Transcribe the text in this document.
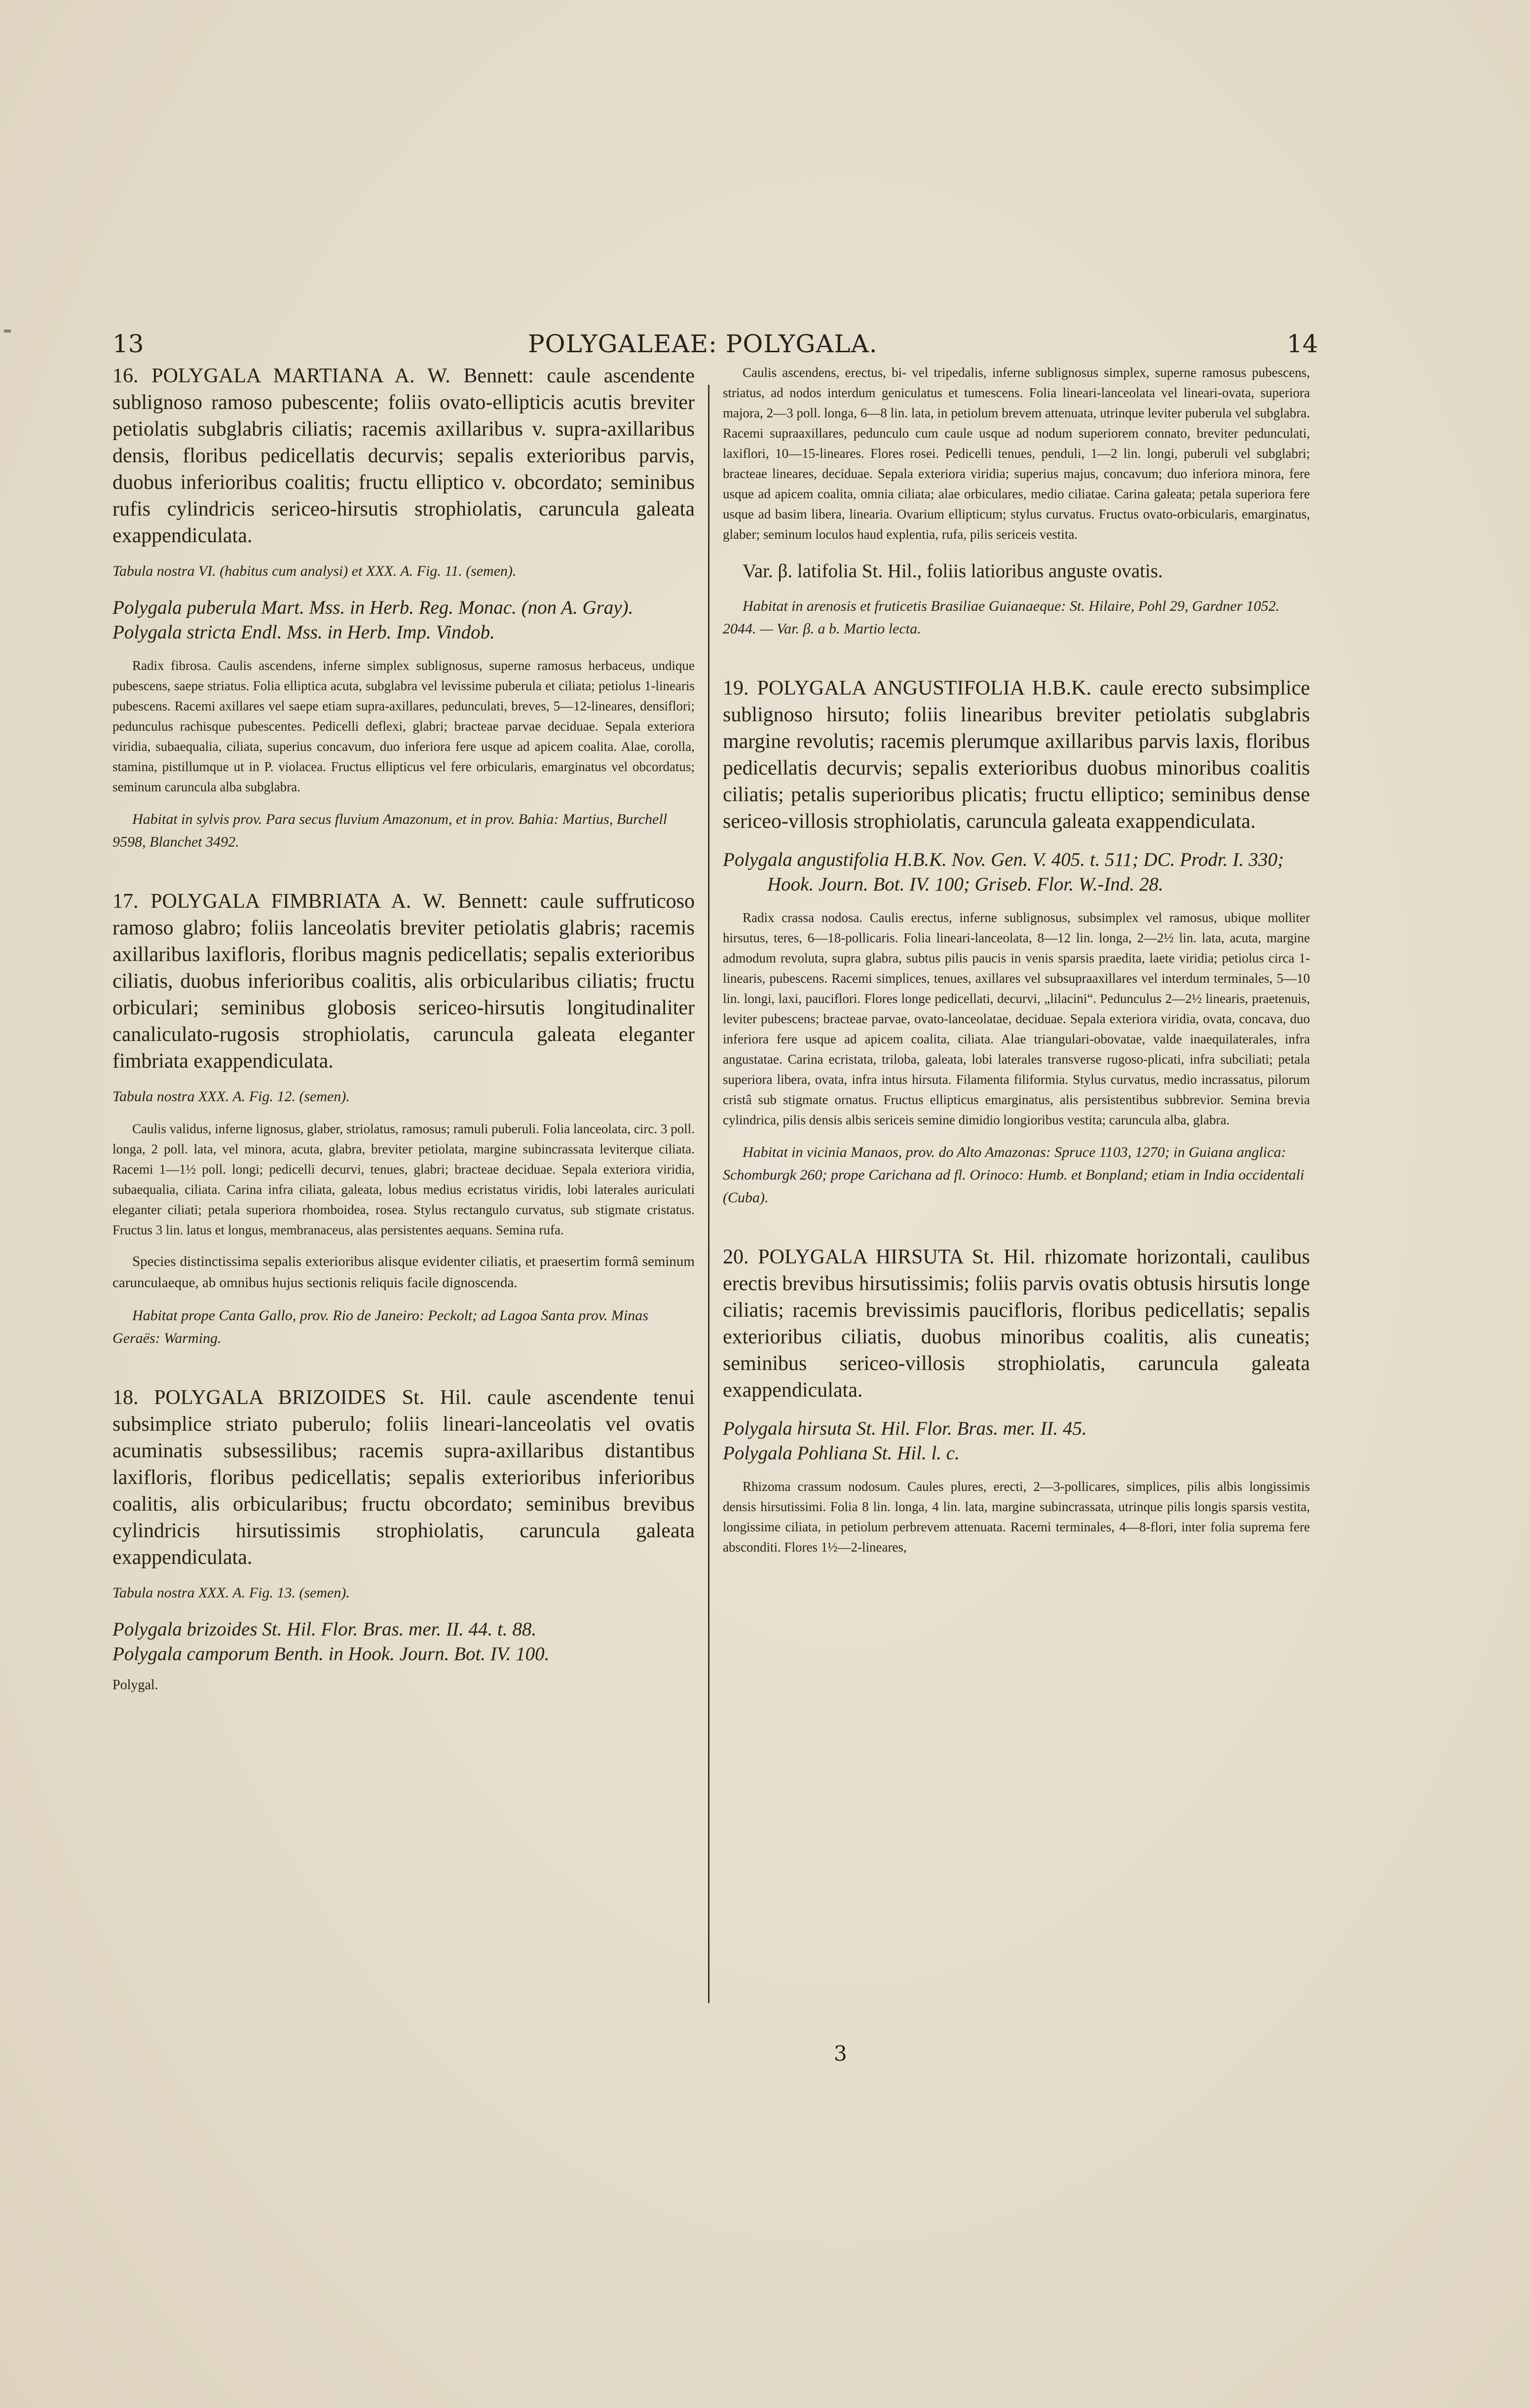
13	POLYGALEAE: POLYGALA.	14

16. POLYGALA MARTIANA A. W. Bennett: caule ascendente sublignoso ramoso pubescente; foliis ovato-ellipticis acutis breviter petiolatis subglabris ciliatis; racemis axillaribus v. supra-axillaribus densis, floribus pedicellatis decurvis; sepalis exterioribus parvis, duobus inferioribus coalitis; fructu elliptico v. obcordato; seminibus rufis cylindricis sericeo-hirsutis strophiolatis, caruncula galeata exappendiculata.

Tabula nostra VI. (habitus cum analysi) et XXX. A. Fig. 11. (semen).

Polygala puberula Mart. Mss. in Herb. Reg. Monac. (non A. Gray).

Polygala stricta Endl. Mss. in Herb. Imp. Vindob.

Radix fibrosa. Caulis ascendens, inferne simplex sublignosus, superne ramosus herbaceus, undique pubescens, saepe striatus. Folia elliptica acuta, subglabra vel levissime puberula et ciliata; petiolus 1-linearis pubescens. Racemi axillares vel saepe etiam supra-axillares, pedunculati, breves, 5—12-lineares, densiflori; pedunculus rachisque pubescentes. Pedicelli deflexi, glabri; bracteae parvae deciduae. Sepala exteriora viridia, subaequalia, ciliata, superius concavum, duo inferiora fere usque ad apicem coalita. Alae, corolla, stamina, pistillumque ut in P. violacea. Fructus ellipticus vel fere orbicularis, emarginatus vel obcordatus; seminum caruncula alba subglabra.

Habitat in sylvis prov. Para secus fluvium Amazonum, et in prov. Bahia: Martius, Burchell 9598, Blanchet 3492.

17. POLYGALA FIMBRIATA A. W. Bennett: caule suffruticoso ramoso glabro; foliis lanceolatis breviter petiolatis glabris; racemis axillaribus laxifloris, floribus magnis pedicellatis; sepalis exterioribus ciliatis, duobus inferioribus coalitis, alis orbicularibus ciliatis; fructu orbiculari; seminibus globosis sericeo-hirsutis longitudinaliter canaliculato-rugosis strophiolatis, caruncula galeata eleganter fimbriata exappendiculata.

Tabula nostra XXX. A. Fig. 12. (semen).

Caulis validus, inferne lignosus, glaber, striolatus, ramosus; ramuli puberuli. Folia lanceolata, circ. 3 poll. longa, 2 poll. lata, vel minora, acuta, glabra, breviter petiolata, margine subincrassata leviterque ciliata. Racemi 1—1½ poll. longi; pedicelli decurvi, tenues, glabri; bracteae deciduae. Sepala exteriora viridia, subaequalia, ciliata. Carina infra ciliata, galeata, lobus medius ecristatus viridis, lobi laterales auriculati eleganter ciliati; petala superiora rhomboidea, rosea. Stylus rectangulo curvatus, sub stigmate cristatus. Fructus 3 lin. latus et longus, membranaceus, alas persistentes aequans. Semina rufa.

Species distinctissima sepalis exterioribus alisque evidenter ciliatis, et praesertim formâ seminum carunculaeque, ab omnibus hujus sectionis reliquis facile dignoscenda.

Habitat prope Canta Gallo, prov. Rio de Janeiro: Peckolt; ad Lagoa Santa prov. Minas Geraës: Warming.

18. POLYGALA BRIZOIDES St. Hil. caule ascendente tenui subsimplice striato puberulo; foliis lineari-lanceolatis vel ovatis acuminatis subsessilibus; racemis supra-axillaribus distantibus laxifloris, floribus pedicellatis; sepalis exterioribus inferioribus coalitis, alis orbicularibus; fructu obcordato; seminibus brevibus cylindricis hirsutissimis strophiolatis, caruncula galeata exappendiculata.

Tabula nostra XXX. A. Fig. 13. (semen).

Polygala brizoides St. Hil. Flor. Bras. mer. II. 44. t. 88.

Polygala camporum Benth. in Hook. Journ. Bot. IV. 100.

Polygal.

Caulis ascendens, erectus, bi- vel tripedalis, inferne sublignosus simplex, superne ramosus pubescens, striatus, ad nodos interdum geniculatus et tumescens. Folia lineari-lanceolata vel lineari-ovata, superiora majora, 2—3 poll. longa, 6—8 lin. lata, in petiolum brevem attenuata, utrinque leviter puberula vel subglabra. Racemi supraaxillares, pedunculo cum caule usque ad nodum superiorem connato, breviter pedunculati, laxiflori, 10—15-lineares. Flores rosei. Pedicelli tenues, penduli, 1—2 lin. longi, puberuli vel subglabri; bracteae lineares, deciduae. Sepala exteriora viridia; superius majus, concavum; duo inferiora minora, fere usque ad apicem coalita, omnia ciliata; alae orbiculares, medio ciliatae. Carina galeata; petala superiora fere usque ad basim libera, linearia. Ovarium ellipticum; stylus curvatus. Fructus ovato-orbicularis, emarginatus, glaber; seminum loculos haud explentia, rufa, pilis sericeis vestita.

Var. β. latifolia St. Hil., foliis latioribus anguste ovatis.

Habitat in arenosis et fruticetis Brasiliae Guianaeque: St. Hilaire, Pohl 29, Gardner 1052. 2044. — Var. β. a b. Martio lecta.

19. POLYGALA ANGUSTIFOLIA H.B.K. caule erecto subsimplice sublignoso hirsuto; foliis linearibus breviter petiolatis subglabris margine revolutis; racemis plerumque axillaribus parvis laxis, floribus pedicellatis decurvis; sepalis exterioribus duobus minoribus coalitis ciliatis; petalis superioribus plicatis; fructu elliptico; seminibus dense sericeo-villosis strophiolatis, caruncula galeata exappendiculata.

Polygala angustifolia H.B.K. Nov. Gen. V. 405. t. 511; DC. Prodr. I. 330; Hook. Journ. Bot. IV. 100; Griseb. Flor. W.-Ind. 28.

Radix crassa nodosa. Caulis erectus, inferne sublignosus, subsimplex vel ramosus, ubique molliter hirsutus, teres, 6—18-pollicaris. Folia lineari-lanceolata, 8—12 lin. longa, 2—2½ lin. lata, acuta, margine admodum revoluta, supra glabra, subtus pilis paucis in venis sparsis praedita, laete viridia; petiolus circa 1-linearis, pubescens. Racemi simplices, tenues, axillares vel subsupraaxillares vel interdum terminales, 5—10 lin. longi, laxi, pauciflori. Flores longe pedicellati, decurvi, „lilacini“. Pedunculus 2—2½ linearis, praetenuis, leviter pubescens; bracteae parvae, ovato-lanceolatae, deciduae. Sepala exteriora viridia, ovata, concava, duo inferiora fere usque ad apicem coalita, ciliata. Alae triangulari-obovatae, valde inaequilaterales, infra angustatae. Carina ecristata, triloba, galeata, lobi laterales transverse rugoso-plicati, infra subciliati; petala superiora libera, ovata, infra intus hirsuta. Filamenta filiformia. Stylus curvatus, medio incrassatus, pilorum cristâ sub stigmate ornatus. Fructus ellipticus emarginatus, alis persistentibus subbrevior. Semina brevia cylindrica, pilis densis albis sericeis semine dimidio longioribus vestita; caruncula alba, glabra.

Habitat in vicinia Manaos, prov. do Alto Amazonas: Spruce 1103, 1270; in Guiana anglica: Schomburgk 260; prope Carichana ad fl. Orinoco: Humb. et Bonpland; etiam in India occidentali (Cuba).

20. POLYGALA HIRSUTA St. Hil. rhizomate horizontali, caulibus erectis brevibus hirsutissimis; foliis parvis ovatis obtusis hirsutis longe ciliatis; racemis brevissimis paucifloris, floribus pedicellatis; sepalis exterioribus ciliatis, duobus minoribus coalitis, alis cuneatis; seminibus sericeo-villosis strophiolatis, caruncula galeata exappendiculata.

Polygala hirsuta St. Hil. Flor. Bras. mer. II. 45.

Polygala Pohliana St. Hil. l. c.

Rhizoma crassum nodosum. Caules plures, erecti, 2—3-pollicares, simplices, pilis albis longissimis densis hirsutissimi. Folia 8 lin. longa, 4 lin. lata, margine subincrassata, utrinque pilis longis sparsis vestita, longissime ciliata, in petiolum perbrevem attenuata. Racemi terminales, 4—8-flori, inter folia suprema fere absconditi. Flores 1½—2-lineares,

3
